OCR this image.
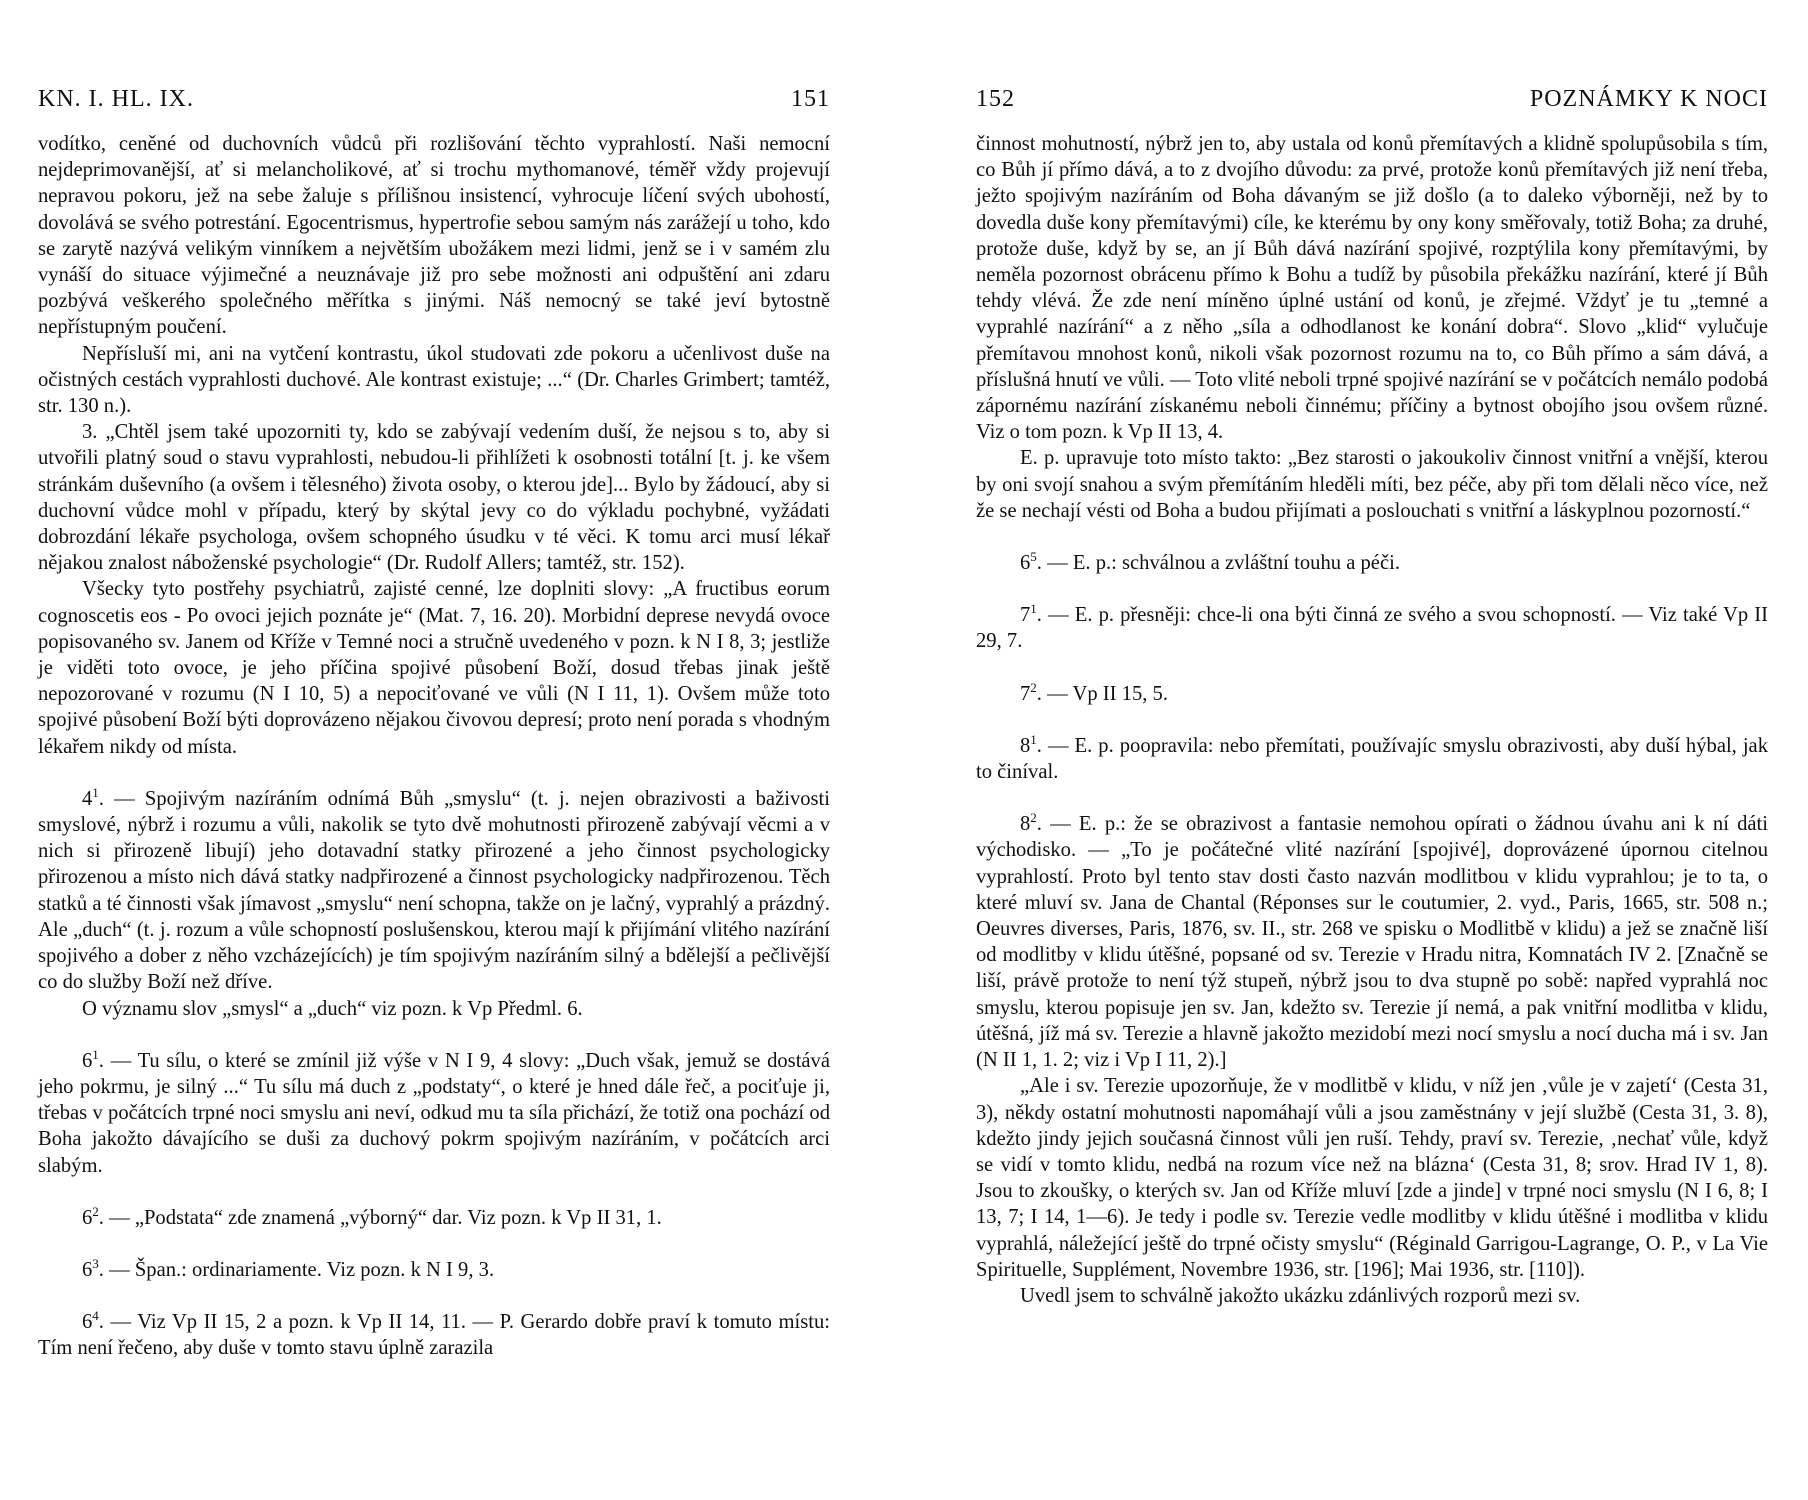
KN. I. HL. IX.	151

vodítko, ceněné od duchovních vůdců při rozlišování těchto vyprahlostí. Naši nemocní nejdeprimovanější, ať si melancholikové, ať si trochu mythomanové, téměř vždy projevují nepravou pokoru, jež na sebe žaluje s přílišnou insistencí, vyhrocuje líčení svých ubohostí, dovolává se svého potrestání. Egocentrismus, hypertrofie sebou samým nás zarážejí u toho, kdo se zarytě nazývá velikým vinníkem a největším ubožákem mezi lidmi, jenž se i v samém zlu vynáší do situace výjimečné a neuznávaje již pro sebe možnosti ani odpuštění ani zdaru pozbývá veškerého společného měřítka s jinými. Náš nemocný se také jeví bytostně nepřístupným poučení.

Nepřísluší mi, ani na vytčení kontrastu, úkol studovati zde pokoru a učenlivost duše na očistných cestách vyprahlosti duchové. Ale kontrast existuje; ...“ (Dr. Charles Grimbert; tamtéž, str. 130 n.).

3. „Chtěl jsem také upozorniti ty, kdo se zabývají vedením duší, že nejsou s to, aby si utvořili platný soud o stavu vyprahlosti, nebudou-li přihlížeti k osobnosti totální [t. j. ke všem stránkám duševního (a ovšem i tělesného) života osoby, o kterou jde]... Bylo by žádoucí, aby si duchovní vůdce mohl v případu, který by skýtal jevy co do výkladu pochybné, vyžádati dobrozdání lékaře psychologa, ovšem schopného úsudku v té věci. K tomu arci musí lékař nějakou znalost náboženské psychologie“ (Dr. Rudolf Allers; tamtéž, str. 152).

Všecky tyto postřehy psychiatrů, zajisté cenné, lze doplniti slovy: „A fructibus eorum cognoscetis eos - Po ovoci jejich poznáte je“ (Mat. 7, 16. 20). Morbidní deprese nevydá ovoce popisovaného sv. Janem od Kříže v Temné noci a stručně uvedeného v pozn. k N I 8, 3; jestliže je viděti toto ovoce, je jeho příčina spojivé působení Boží, dosud třebas jinak ještě nepozorované v rozumu (N I 10, 5) a nepociťované ve vůli (N I 11, 1). Ovšem může toto spojivé působení Boží býti doprovázeno nějakou čivovou depresí; proto není porada s vhodným lékařem nikdy od místa.

$4^1$. — Spojivým nazíráním odnímá Bůh „smyslu“ (t. j. nejen obrazivosti a baživosti smyslové, nýbrž i rozumu a vůli, nakolik se tyto dvě mohutnosti přirozeně zabývají věcmi a v nich si přirozeně libují) jeho dotavadní statky přirozené a jeho činnost psychologicky přirozenou a místo nich dává statky nadpřirozené a činnost psychologicky nadpřirozenou. Těch statků a té činnosti však jímavost „smyslu“ není schopna, takže on je lačný, vyprahlý a prázdný. Ale „duch“ (t. j. rozum a vůle schopností poslušenskou, kterou mají k přijímání vlitého nazírání spojivého a dober z něho vzcházejících) je tím spojivým nazíráním silný a bdělejší a pečlivější co do služby Boží než dříve.

O významu slov „smysl“ a „duch“ viz pozn. k Vp Předml. 6.

$6^1$. — Tu sílu, o které se zmínil již výše v N I 9, 4 slovy: „Duch však, jemuž se dostává jeho pokrmu, je silný ...“ Tu sílu má duch z „podstaty“, o které je hned dále řeč, a pociťuje ji, třebas v počátcích trpné noci smyslu ani neví, odkud mu ta síla přichází, že totiž ona pochází od Boha jakožto dávajícího se duši za duchový pokrm spojivým nazíráním, v počátcích arci slabým.

$6^2$. — „Podstata“ zde znamená „výborný“ dar. Viz pozn. k Vp II 31, 1.

$6^3$. — Špan.: ordinariamente. Viz pozn. k N I 9, 3.

$6^4$. — Viz Vp II 15, 2 a pozn. k Vp II 14, 11. — P. Gerardo dobře praví k tomuto místu: Tím není řečeno, aby duše v tomto stavu úplně zarazila

152	POZNÁMKY K NOCI

činnost mohutností, nýbrž jen to, aby ustala od konů přemítavých a klidně spolupůsobila s tím, co Bůh jí přímo dává, a to z dvojího důvodu: za prvé, protože konů přemítavých již není třeba, ježto spojivým nazíráním od Boha dávaným se již došlo (a to daleko výborněji, než by to dovedla duše kony přemítavými) cíle, ke kterému by ony kony směřovaly, totiž Boha; za druhé, protože duše, když by se, an jí Bůh dává nazírání spojivé, rozptýlila kony přemítavými, by neměla pozornost obrácenu přímo k Bohu a tudíž by působila překážku nazírání, které jí Bůh tehdy vlévá. Že zde není míněno úplné ustání od konů, je zřejmé. Vždyť je tu „temné a vyprahlé nazírání“ a z něho „síla a odhodlanost ke konání dobra“. Slovo „klid“ vylučuje přemítavou mnohost konů, nikoli však pozornost rozumu na to, co Bůh přímo a sám dává, a příslušná hnutí ve vůli. — Toto vlité neboli trpné spojivé nazírání se v počátcích nemálo podobá zápornému nazírání získanému neboli činnému; příčiny a bytnost obojího jsou ovšem různé. Viz o tom pozn. k Vp II 13, 4.

E. p. upravuje toto místo takto: „Bez starosti o jakoukoliv činnost vnitřní a vnější, kterou by oni svojí snahou a svým přemítáním hleděli míti, bez péče, aby při tom dělali něco více, než že se nechají vésti od Boha a budou přijímati a poslouchati s vnitřní a láskyplnou pozorností.“

$6^5$. — E. p.: schválnou a zvláštní touhu a péči.

$7^1$. — E. p. přesněji: chce-li ona býti činná ze svého a svou schopností. — Viz také Vp II 29, 7.

$7^2$. — Vp II 15, 5.

$8^1$. — E. p. poopravila: nebo přemítati, používajíc smyslu obrazivosti, aby duší hýbal, jak to činíval.

$8^2$. — E. p.: že se obrazivost a fantasie nemohou opírati o žádnou úvahu ani k ní dáti východisko. — „To je počátečné vlité nazírání [spojivé], doprovázené úpornou citelnou vyprahlostí. Proto byl tento stav dosti často nazván modlitbou v klidu vyprahlou; je to ta, o které mluví sv. Jana de Chantal (Réponses sur le coutumier, 2. vyd., Paris, 1665, str. 508 n.; Oeuvres diverses, Paris, 1876, sv. II., str. 268 ve spisku o Modlitbě v klidu) a jež se značně liší od modlitby v klidu útěšné, popsané od sv. Terezie v Hradu nitra, Komnatách IV 2. [Značně se liší, právě protože to není týž stupeň, nýbrž jsou to dva stupně po sobě: napřed vyprahlá noc smyslu, kterou popisuje jen sv. Jan, kdežto sv. Terezie jí nemá, a pak vnitřní modlitba v klidu, útěšná, jíž má sv. Terezie a hlavně jakožto mezidobí mezi nocí smyslu a nocí ducha má i sv. Jan (N II 1, 1. 2; viz i Vp I 11, 2).]

„Ale i sv. Terezie upozorňuje, že v modlitbě v klidu, v níž jen ‚vůle je v zajetí‘ (Cesta 31, 3), někdy ostatní mohutnosti napomáhají vůli a jsou zaměstnány v její službě (Cesta 31, 3. 8), kdežto jindy jejich současná činnost vůli jen ruší. Tehdy, praví sv. Terezie, ‚nechať vůle, když se vidí v tomto klidu, nedbá na rozum více než na blázna‘ (Cesta 31, 8; srov. Hrad IV 1, 8). Jsou to zkoušky, o kterých sv. Jan od Kříže mluví [zde a jinde] v trpné noci smyslu (N I 6, 8; I 13, 7; I 14, 1—6). Je tedy i podle sv. Terezie vedle modlitby v klidu útěšné i modlitba v klidu vyprahlá, náležející ještě do trpné očisty smyslu“ (Réginald Garrigou-Lagrange, O. P., v La Vie Spirituelle, Supplément, Novembre 1936, str. [196]; Mai 1936, str. [110]).

Uvedl jsem to schválně jakožto ukázku zdánlivých rozporů mezi sv.
